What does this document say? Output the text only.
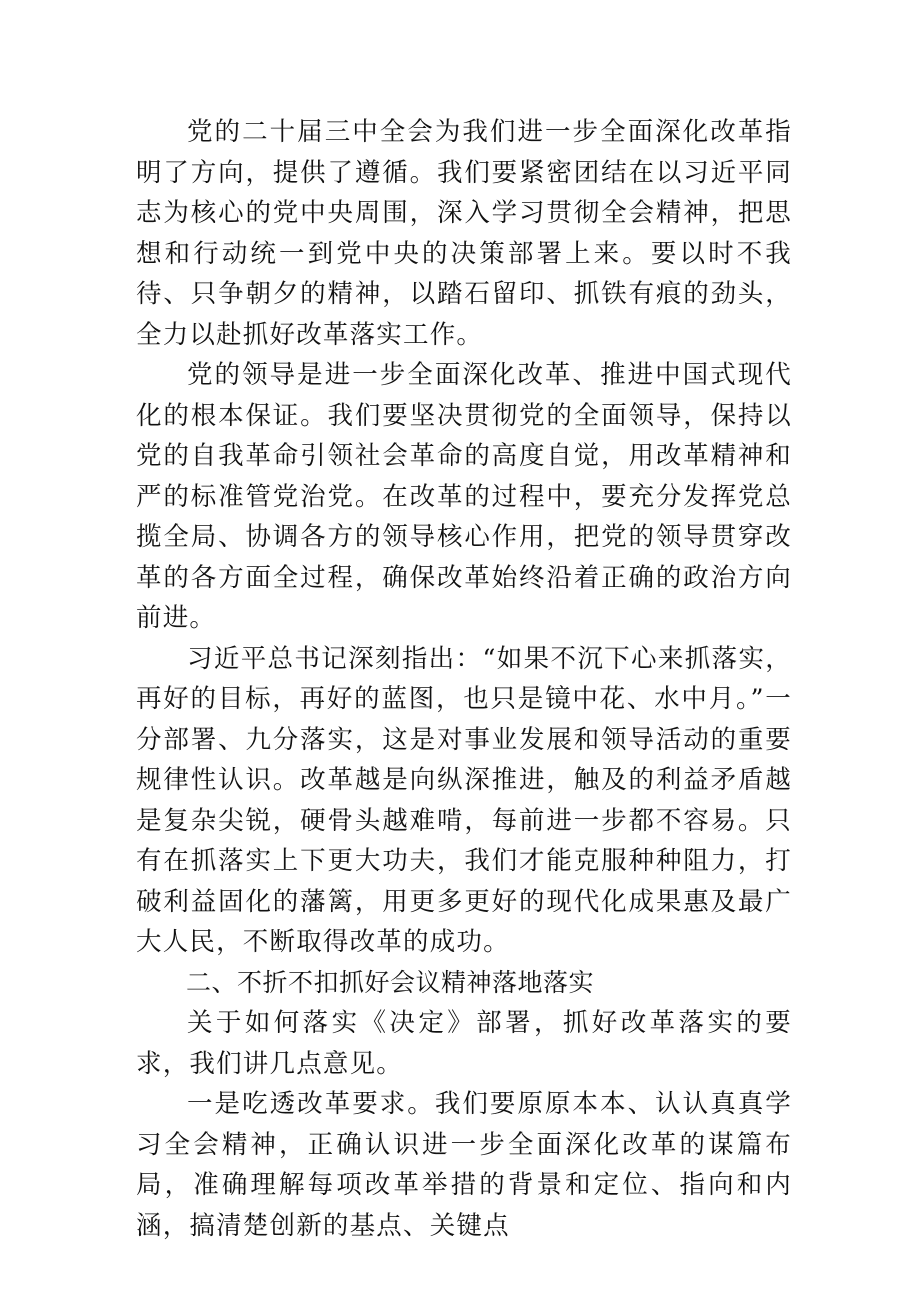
党的二十届三中全会为我们进一步全面深化改革指明了方向，提供了遵循。我们要紧密团结在以习近平同志为核心的党中央周围，深入学习贯彻全会精神，把思想和行动统一到党中央的决策部署上来。要以时不我待、只争朝夕的精神，以踏石留印、抓铁有痕的劲头，全力以赴抓好改革落实工作。

党的领导是进一步全面深化改革、推进中国式现代化的根本保证。我们要坚决贯彻党的全面领导，保持以党的自我革命引领社会革命的高度自觉，用改革精神和严的标准管党治党。在改革的过程中，要充分发挥党总揽全局、协调各方的领导核心作用，把党的领导贯穿改革的各方面全过程，确保改革始终沿着正确的政治方向前进。

习近平总书记深刻指出：“如果不沉下心来抓落实，再好的目标，再好的蓝图，也只是镜中花、水中月。”一分部署、九分落实，这是对事业发展和领导活动的重要规律性认识。改革越是向纵深推进，触及的利益矛盾越是复杂尖锐，硬骨头越难啃，每前进一步都不容易。只有在抓落实上下更大功夫，我们才能克服种种阻力，打破利益固化的藩篱，用更多更好的现代化成果惠及最广大人民，不断取得改革的成功。

二、不折不扣抓好会议精神落地落实

关于如何落实《决定》部署，抓好改革落实的要求，我们讲几点意见。

一是吃透改革要求。我们要原原本本、认认真真学习全会精神，正确认识进一步全面深化改革的谋篇布局，准确理解每项改革举措的背景和定位、指向和内涵，搞清楚创新的基点、关键点
